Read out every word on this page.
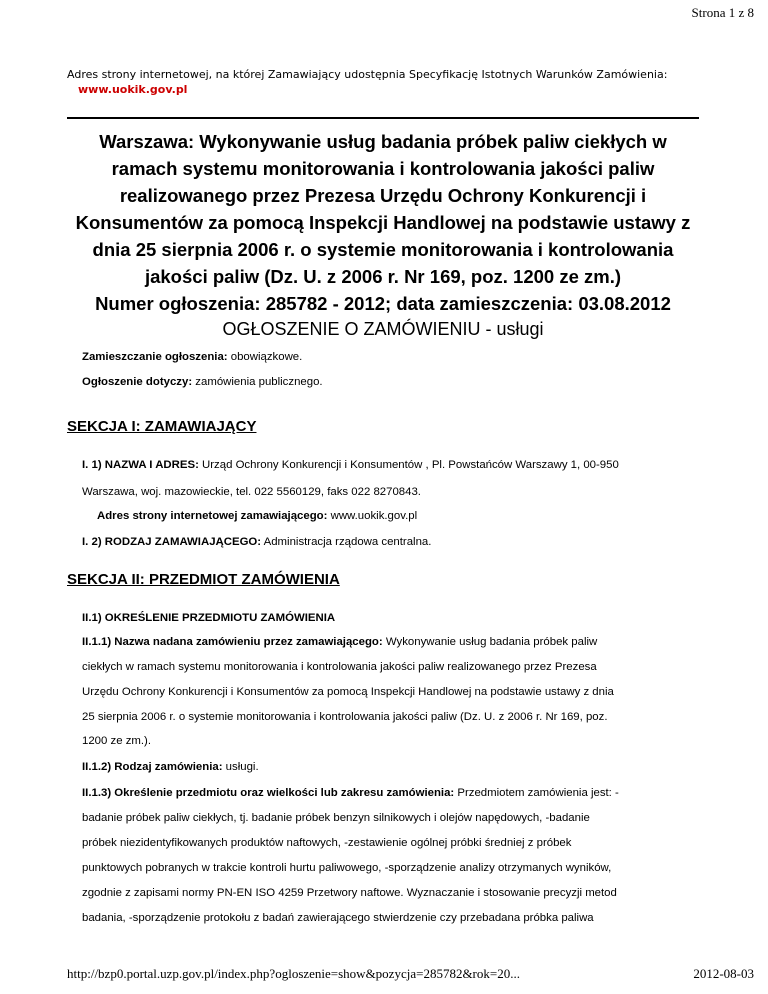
Strona 1 z 8
Adres strony internetowej, na której Zamawiający udostępnia Specyfikację Istotnych Warunków Zamówienia:
www.uokik.gov.pl
Warszawa: Wykonywanie usług badania próbek paliw ciekłych w
ramach systemu monitorowania i kontrolowania jakości paliw
realizowanego przez Prezesa Urzędu Ochrony Konkurencji i
Konsumentów za pomocą Inspekcji Handlowej na podstawie ustawy z
dnia 25 sierpnia 2006 r. o systemie monitorowania i kontrolowania
jakości paliw (Dz. U. z 2006 r. Nr 169, poz. 1200 ze zm.)
Numer ogłoszenia: 285782 - 2012; data zamieszczenia: 03.08.2012
OGŁOSZENIE O ZAMÓWIENIU - usługi
Zamieszczanie ogłoszenia: obowiązkowe.
Ogłoszenie dotyczy: zamówienia publicznego.
SEKCJA I: ZAMAWIAJĄCY
I. 1) NAZWA I ADRES: Urząd Ochrony Konkurencji i Konsumentów , Pl. Powstańców Warszawy 1, 00-950
Warszawa, woj. mazowieckie, tel. 022 5560129, faks 022 8270843.
Adres strony internetowej zamawiającego: www.uokik.gov.pl
I. 2) RODZAJ ZAMAWIAJĄCEGO: Administracja rządowa centralna.
SEKCJA II: PRZEDMIOT ZAMÓWIENIA
II.1) OKREŚLENIE PRZEDMIOTU ZAMÓWIENIA
II.1.1) Nazwa nadana zamówieniu przez zamawiającego: Wykonywanie usług badania próbek paliw
ciekłych w ramach systemu monitorowania i kontrolowania jakości paliw realizowanego przez Prezesa
Urzędu Ochrony Konkurencji i Konsumentów za pomocą Inspekcji Handlowej na podstawie ustawy z dnia
25 sierpnia 2006 r. o systemie monitorowania i kontrolowania jakości paliw (Dz. U. z 2006 r. Nr 169, poz.
1200 ze zm.).
II.1.2) Rodzaj zamówienia: usługi.
II.1.3) Określenie przedmiotu oraz wielkości lub zakresu zamówienia: Przedmiotem zamówienia jest: -
badanie próbek paliw ciekłych, tj. badanie próbek benzyn silnikowych i olejów napędowych, -badanie
próbek niezidentyfikowanych produktów naftowych, -zestawienie ogólnej próbki średniej z próbek
punktowych pobranych w trakcie kontroli hurtu paliwowego, -sporządzenie analizy otrzymanych wyników,
zgodnie z zapisami normy PN-EN ISO 4259 Przetwory naftowe. Wyznaczanie i stosowanie precyzji metod
badania, -sporządzenie protokołu z badań zawierającego stwierdzenie czy przebadana próbka paliwa
http://bzp0.portal.uzp.gov.pl/index.php?ogloszenie=show&pozycja=285782&rok=20...	2012-08-03
